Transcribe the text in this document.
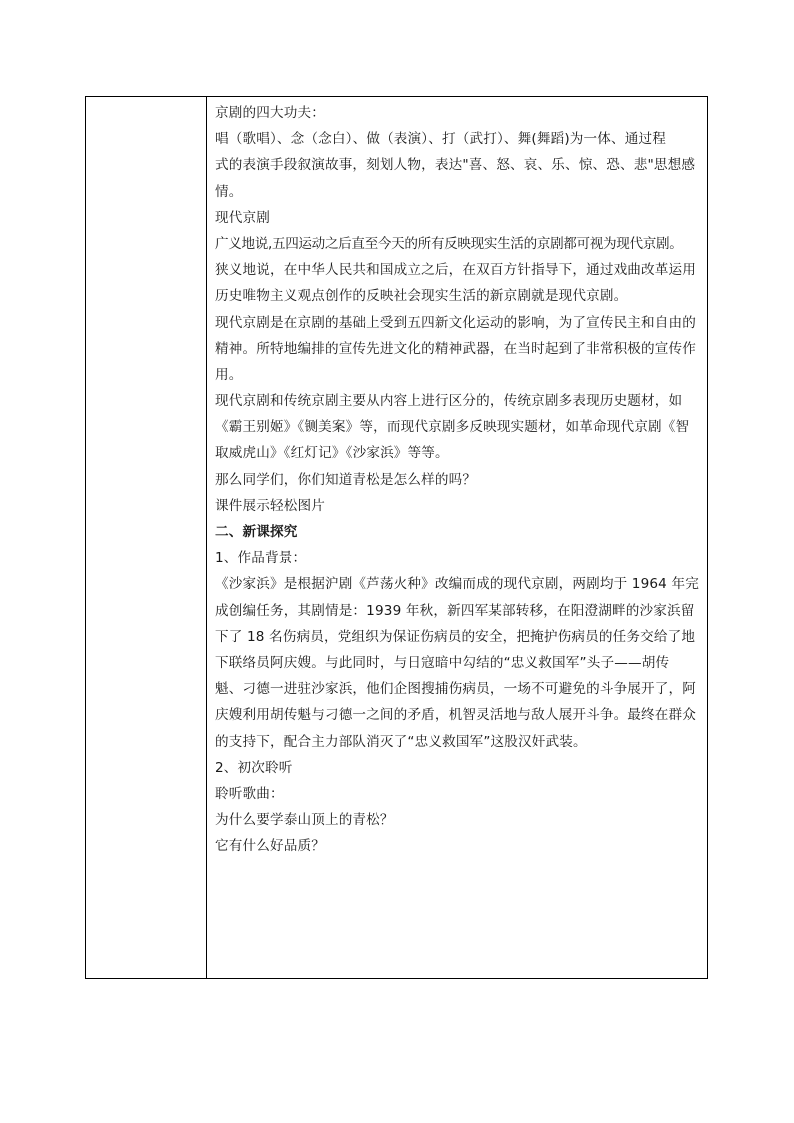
京剧的四大功夫：
唱（歌唱）、念（念白）、做（表演）、打（武打）、舞(舞蹈)为一体、通过程
式的表演手段叙演故事，刻划人物，表达"喜、怒、哀、乐、惊、恐、悲"思想感
情。
现代京剧
广义地说,五四运动之后直至今天的所有反映现实生活的京剧都可视为现代京剧。
狭义地说，在中华人民共和国成立之后，在双百方针指导下，通过戏曲改革运用
历史唯物主义观点创作的反映社会现实生活的新京剧就是现代京剧。
现代京剧是在京剧的基础上受到五四新文化运动的影响，为了宣传民主和自由的
精神。所特地编排的宣传先进文化的精神武器，在当时起到了非常积极的宣传作
用。
现代京剧和传统京剧主要从内容上进行区分的，传统京剧多表现历史题材，如
《霸王别姬》《铡美案》等，而现代京剧多反映现实题材，如革命现代京剧《智
取威虎山》《红灯记》《沙家浜》等等。
那么同学们，你们知道青松是怎么样的吗？
课件展示轻松图片
二、新课探究
1、作品背景：
《沙家浜》是根据沪剧《芦荡火种》改编而成的现代京剧，两剧均于 1964 年完
成创编任务，其剧情是：1939 年秋，新四军某部转移，在阳澄湖畔的沙家浜留
下了 18 名伤病员，党组织为保证伤病员的安全，把掩护伤病员的任务交给了地
下联络员阿庆嫂。与此同时，与日寇暗中勾结的“忠义救国军”头子——胡传
魁、刁德一进驻沙家浜，他们企图搜捕伤病员，一场不可避免的斗争展开了，阿
庆嫂利用胡传魁与刁德一之间的矛盾，机智灵活地与敌人展开斗争。最终在群众
的支持下，配合主力部队消灭了“忠义救国军”这股汉奸武装。
2、初次聆听
聆听歌曲：
为什么要学泰山顶上的青松？
它有什么好品质？
